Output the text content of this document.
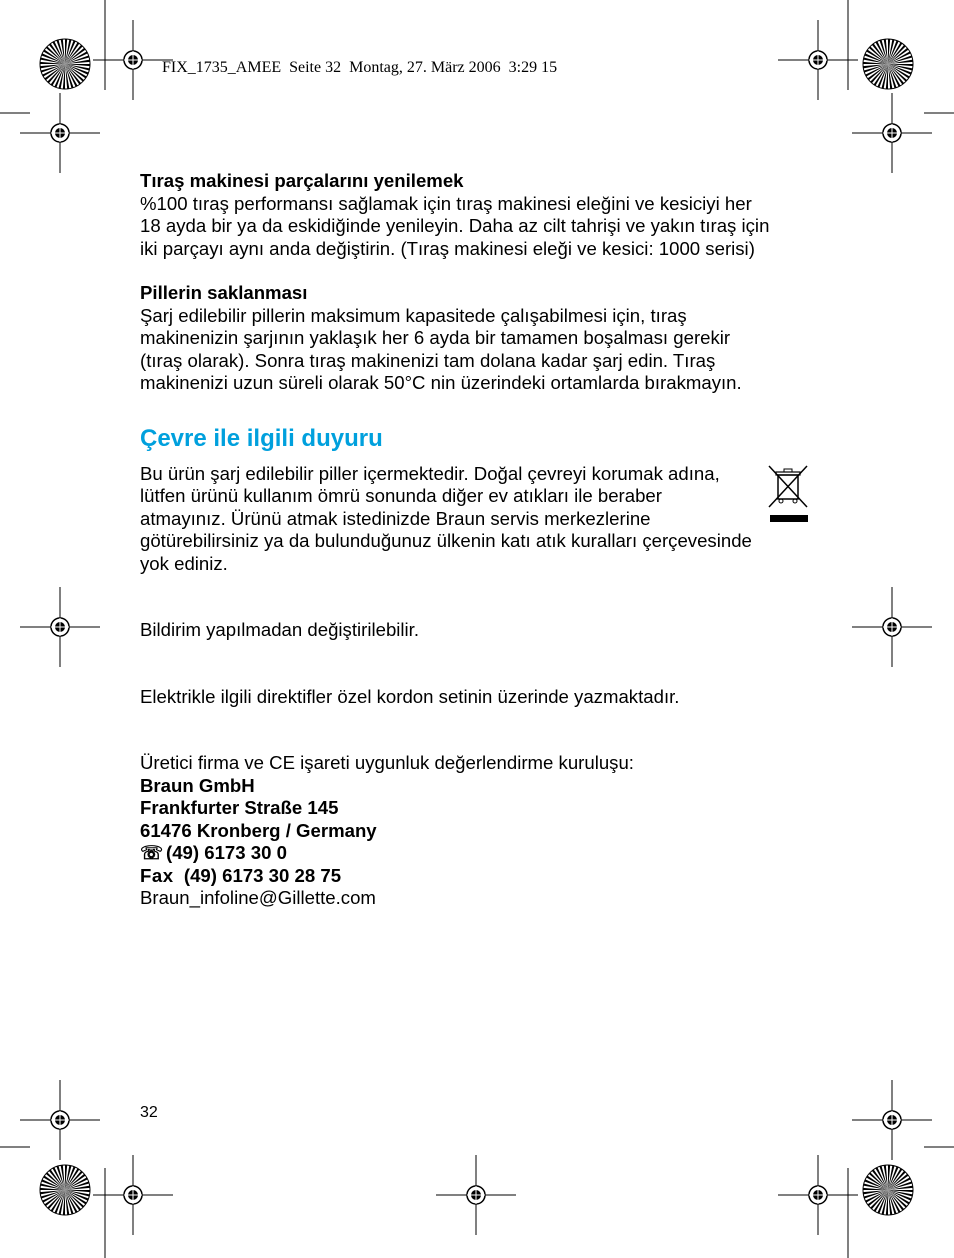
FIX_1735_AMEE  Seite 32  Montag, 27. März 2006  3:29 15

Tıraş makinesi parçalarını yenilemek

%100 tıraş performansı sağlamak için tıraş makinesi eleğini ve kesiciyi her

18 ayda bir ya da eskidiğinde yenileyin. Daha az cilt tahrişi ve yakın tıraş için

iki parçayı aynı anda değiştirin. (Tıraş makinesi eleği ve kesici: 1000 serisi)

Pillerin saklanması

Şarj edilebilir pillerin maksimum kapasitede çalışabilmesi için, tıraş

makinenizin şarjının yaklaşık her 6 ayda bir tamamen boşalması gerekir

(tıraş olarak). Sonra tıraş makinenizi tam dolana kadar şarj edin. Tıraş

makinenizi uzun süreli olarak 50°C nin üzerindeki ortamlarda bırakmayın.

Çevre ile ilgili duyuru

Bu ürün şarj edilebilir piller içermektedir. Doğal çevreyi korumak adına,

lütfen ürünü kullanım ömrü sonunda diğer ev atıkları ile beraber

atmayınız. Ürünü atmak istedinizde Braun servis merkezlerine

götürebilirsiniz ya da bulunduğunuz ülkenin katı atık kuralları çerçevesinde

yok ediniz.

Bildirim yapılmadan değiştirilebilir.

Elektrikle ilgili direktifler özel kordon setinin üzerinde yazmaktadır.

Üretici firma ve CE işareti uygunluk değerlendirme kuruluşu:

Braun GmbH

Frankfurter Straße 145

61476 Kronberg / Germany

☏ (49) 6173 30 0

Fax (49) 6173 30 28 75

Braun_infoline@Gillette.com

32
